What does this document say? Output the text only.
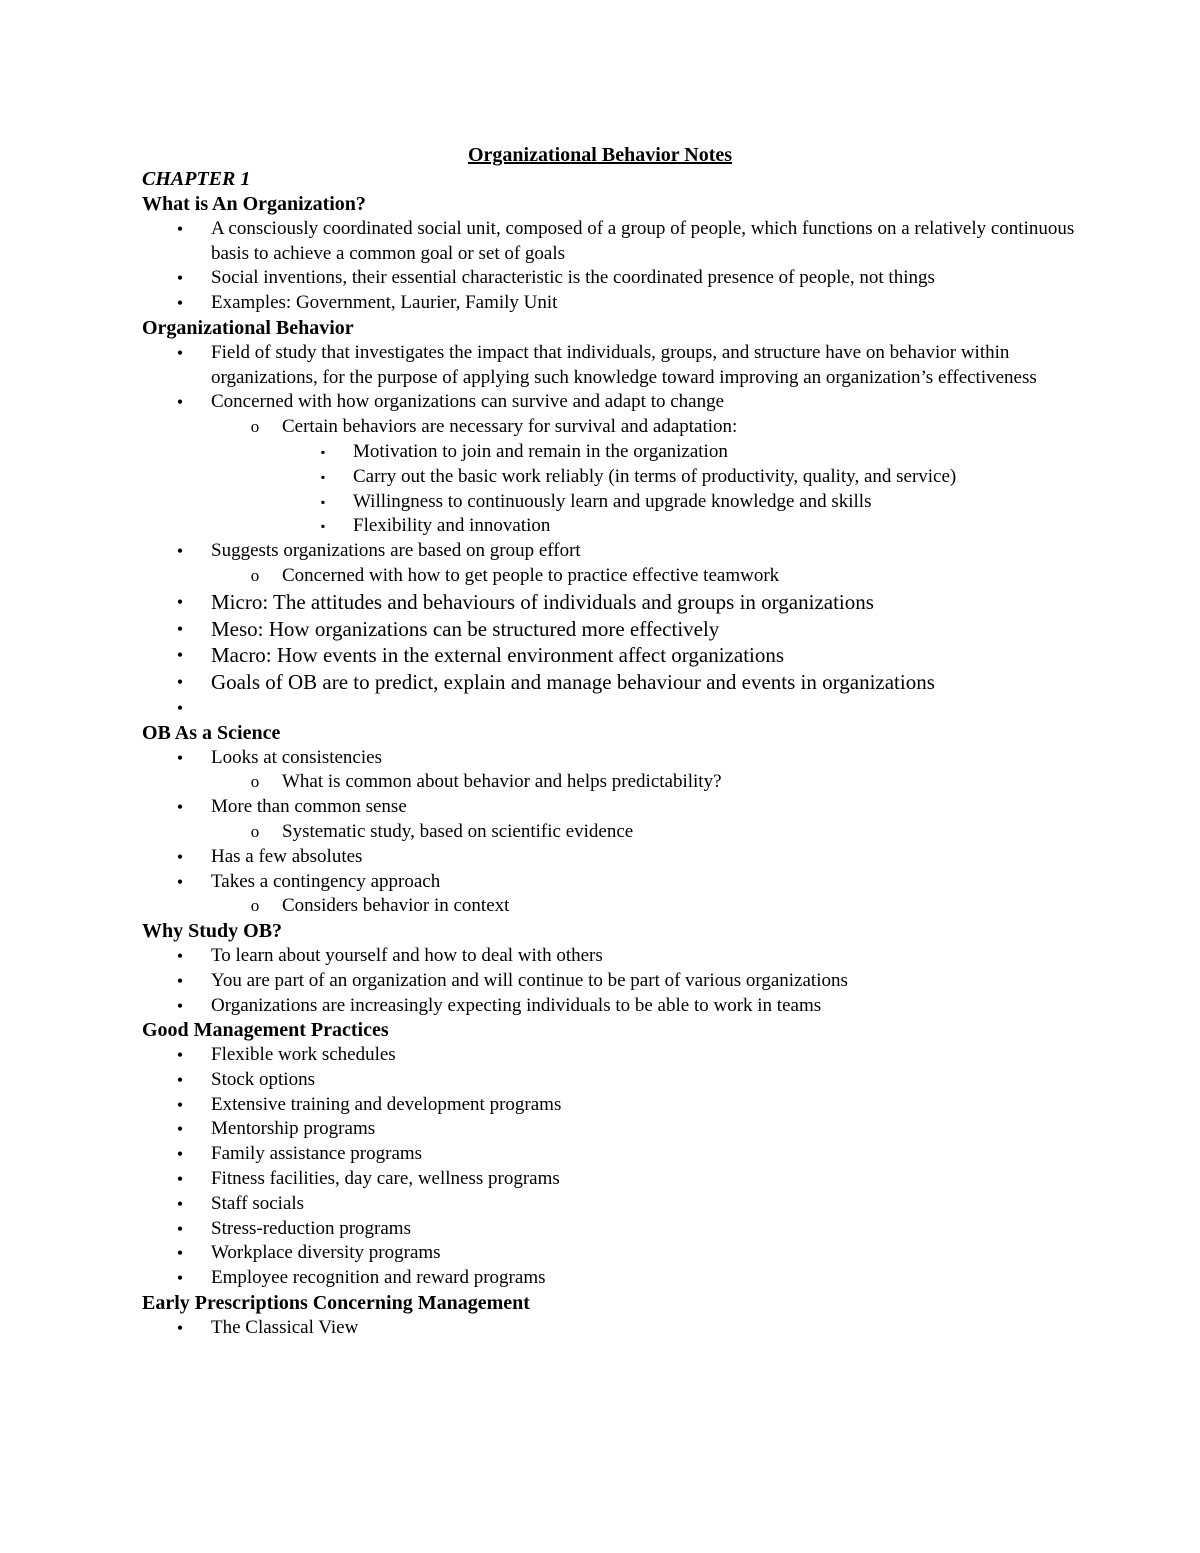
Organizational Behavior Notes
CHAPTER 1
What is An Organization?
•	A consciously coordinated social unit, composed of a group of people, which functions on a relatively continuous basis to achieve a common goal or set of goals
•	Social inventions, their essential characteristic is the coordinated presence of people, not things
•	Examples: Government, Laurier, Family Unit
Organizational Behavior
•	Field of study that investigates the impact that individuals, groups, and structure have on behavior within organizations, for the purpose of applying such knowledge toward improving an organization’s effectiveness
•	Concerned with how organizations can survive and adapt to change
o	Certain behaviors are necessary for survival and adaptation:
▪	Motivation to join and remain in the organization
▪	Carry out the basic work reliably (in terms of productivity, quality, and service)
▪	Willingness to continuously learn and upgrade knowledge and skills
▪	Flexibility and innovation
•	Suggests organizations are based on group effort
o	Concerned with how to get people to practice effective teamwork
•	Micro: The attitudes and behaviours of individuals and groups in organizations
•	Meso: How organizations can be structured more effectively
•	Macro: How events in the external environment affect organizations
•	Goals of OB are to predict, explain and manage behaviour and events in organizations
•

OB As a Science
•	Looks at consistencies
o	What is common about behavior and helps predictability?
•	More than common sense
o	Systematic study, based on scientific evidence
•	Has a few absolutes
•	Takes a contingency approach
o	Considers behavior in context
Why Study OB?
•	To learn about yourself and how to deal with others
•	You are part of an organization and will continue to be part of various organizations
•	Organizations are increasingly expecting individuals to be able to work in teams
Good Management Practices
•	Flexible work schedules
•	Stock options
•	Extensive training and development programs
•	Mentorship programs
•	Family assistance programs
•	Fitness facilities, day care, wellness programs
•	Staff socials
•	Stress-reduction programs
•	Workplace diversity programs
•	Employee recognition and reward programs
Early Prescriptions Concerning Management
•	The Classical View
